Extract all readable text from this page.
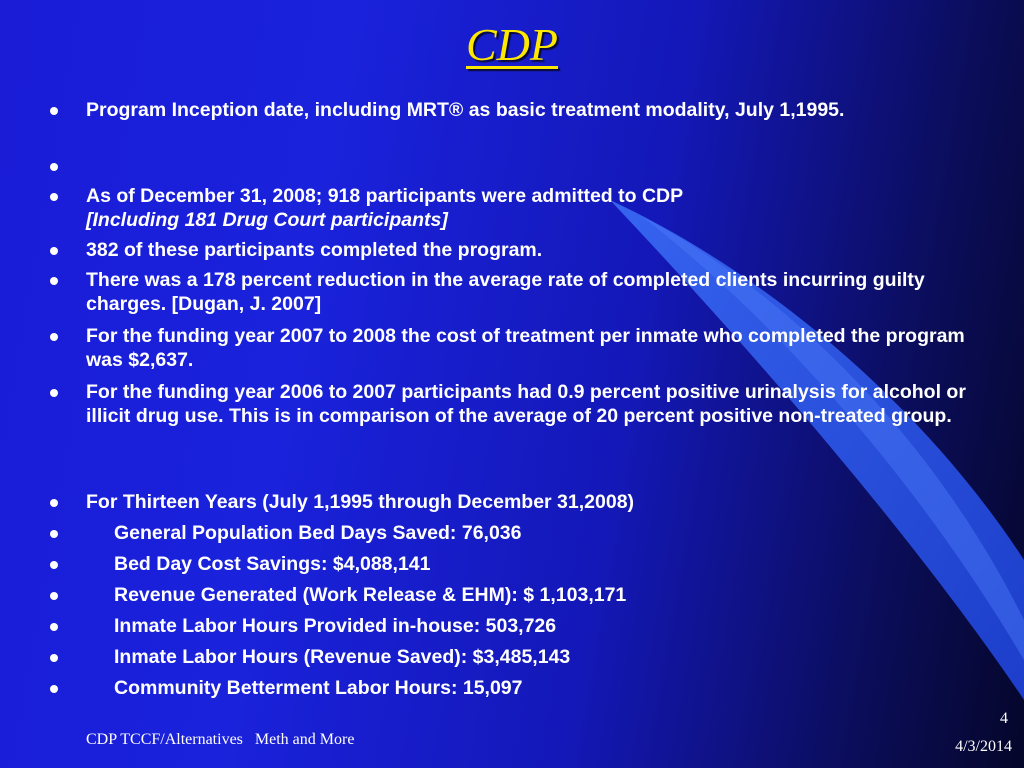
CDP
Program Inception date, including MRT® as basic treatment modality, July 1,1995.
As of December 31, 2008; 918 participants were admitted to CDP
[Including 181 Drug Court participants]
382 of these participants completed the program.
There was a 178 percent reduction in the average rate of completed clients incurring guilty charges. [Dugan, J. 2007]
For the funding year 2007 to 2008 the cost of treatment per inmate who completed the program was $2,637.
For the funding year 2006 to 2007 participants had 0.9 percent positive urinalysis for alcohol or illicit drug use. This is in comparison of the average of 20 percent positive non-treated group.
For Thirteen Years (July 1,1995 through December 31,2008)
General Population Bed Days Saved: 76,036
Bed Day Cost Savings: $4,088,141
Revenue Generated (Work Release & EHM): $ 1,103,171
Inmate Labor Hours Provided in-house: 503,726
Inmate Labor Hours (Revenue Saved): $3,485,143
Community Betterment Labor Hours: 15,097
CDP TCCF/Alternatives   Meth and More
4
4/3/2014
